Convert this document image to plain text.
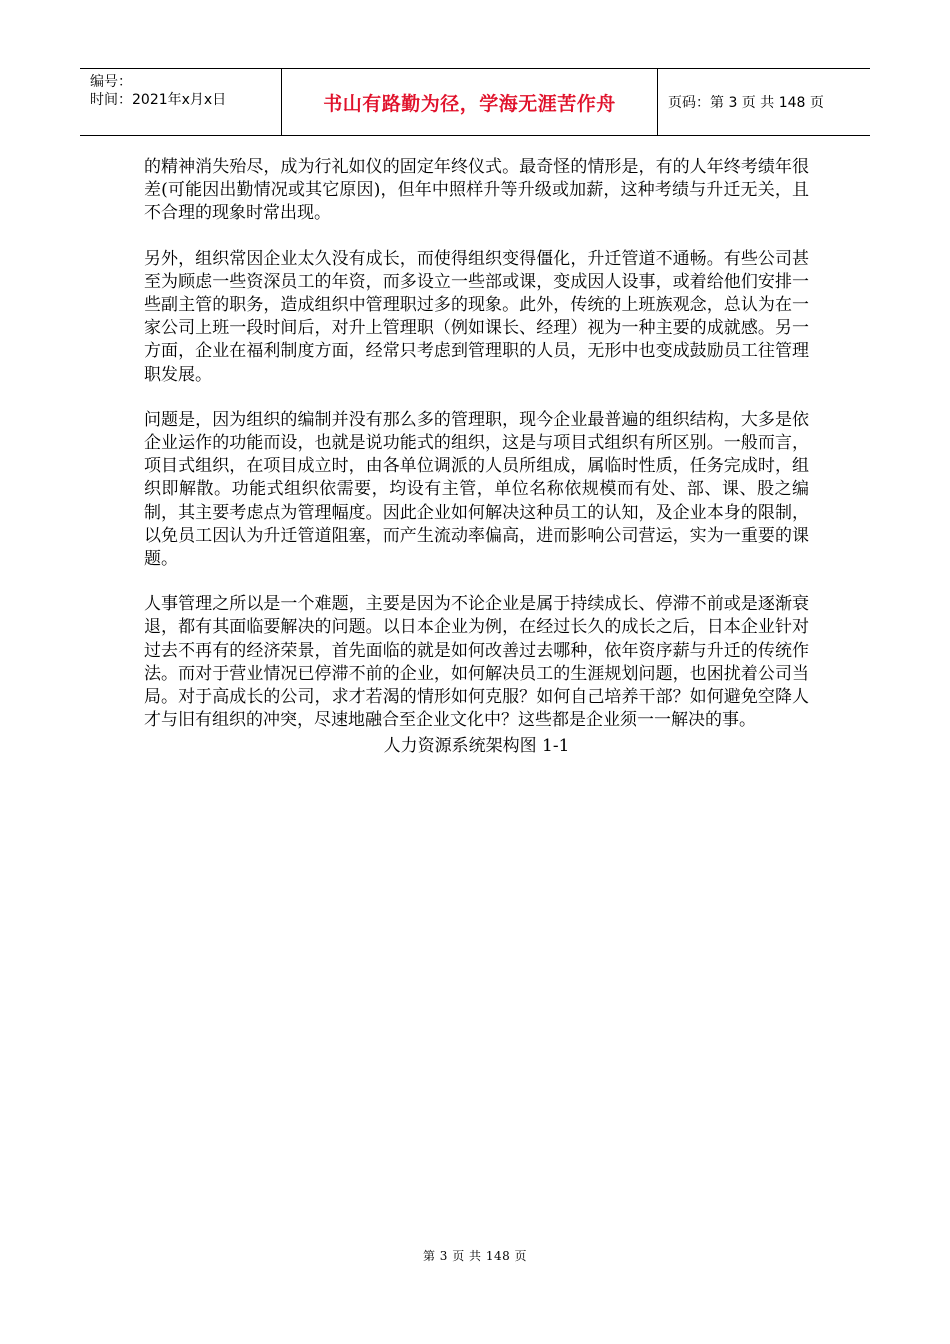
编号：
时间：2021年x月x日	书山有路勤为径，学海无涯苦作舟	页码：第 3 页 共 148 页

的精神消失殆尽，成为行礼如仪的固定年终仪式。最奇怪的情形是，有的人年终考绩年很差(可能因出勤情况或其它原因)，但年中照样升等升级或加薪，这种考绩与升迁无关，且不合理的现象时常出现。

另外，组织常因企业太久没有成长，而使得组织变得僵化，升迁管道不通畅。有些公司甚至为顾虑一些资深员工的年资，而多设立一些部或课，变成因人设事，或着给他们安排一些副主管的职务，造成组织中管理职过多的现象。此外，传统的上班族观念，总认为在一家公司上班一段时间后，对升上管理职（例如课长、经理）视为一种主要的成就感。另一方面，企业在福利制度方面，经常只考虑到管理职的人员，无形中也变成鼓励员工往管理职发展。

问题是，因为组织的编制并没有那么多的管理职，现今企业最普遍的组织结构，大多是依企业运作的功能而设，也就是说功能式的组织，这是与项目式组织有所区别。一般而言，项目式组织，在项目成立时，由各单位调派的人员所组成，属临时性质，任务完成时，组织即解散。功能式组织依需要，均设有主管，单位名称依规模而有处、部、课、股之编制，其主要考虑点为管理幅度。因此企业如何解决这种员工的认知，及企业本身的限制，以免员工因认为升迁管道阻塞，而产生流动率偏高，进而影响公司营运，实为一重要的课题。

人事管理之所以是一个难题，主要是因为不论企业是属于持续成长、停滞不前或是逐渐衰退，都有其面临要解决的问题。以日本企业为例，在经过长久的成长之后，日本企业针对过去不再有的经济荣景，首先面临的就是如何改善过去哪种，依年资序薪与升迁的传统作法。而对于营业情况已停滞不前的企业，如何解决员工的生涯规划问题，也困扰着公司当局。对于高成长的公司，求才若渴的情形如何克服？如何自己培养干部？如何避免空降人才与旧有组织的冲突，尽速地融合至企业文化中？这些都是企业须一一解决的事。

人力资源系统架构图 1-1
第 3 页 共 148 页
